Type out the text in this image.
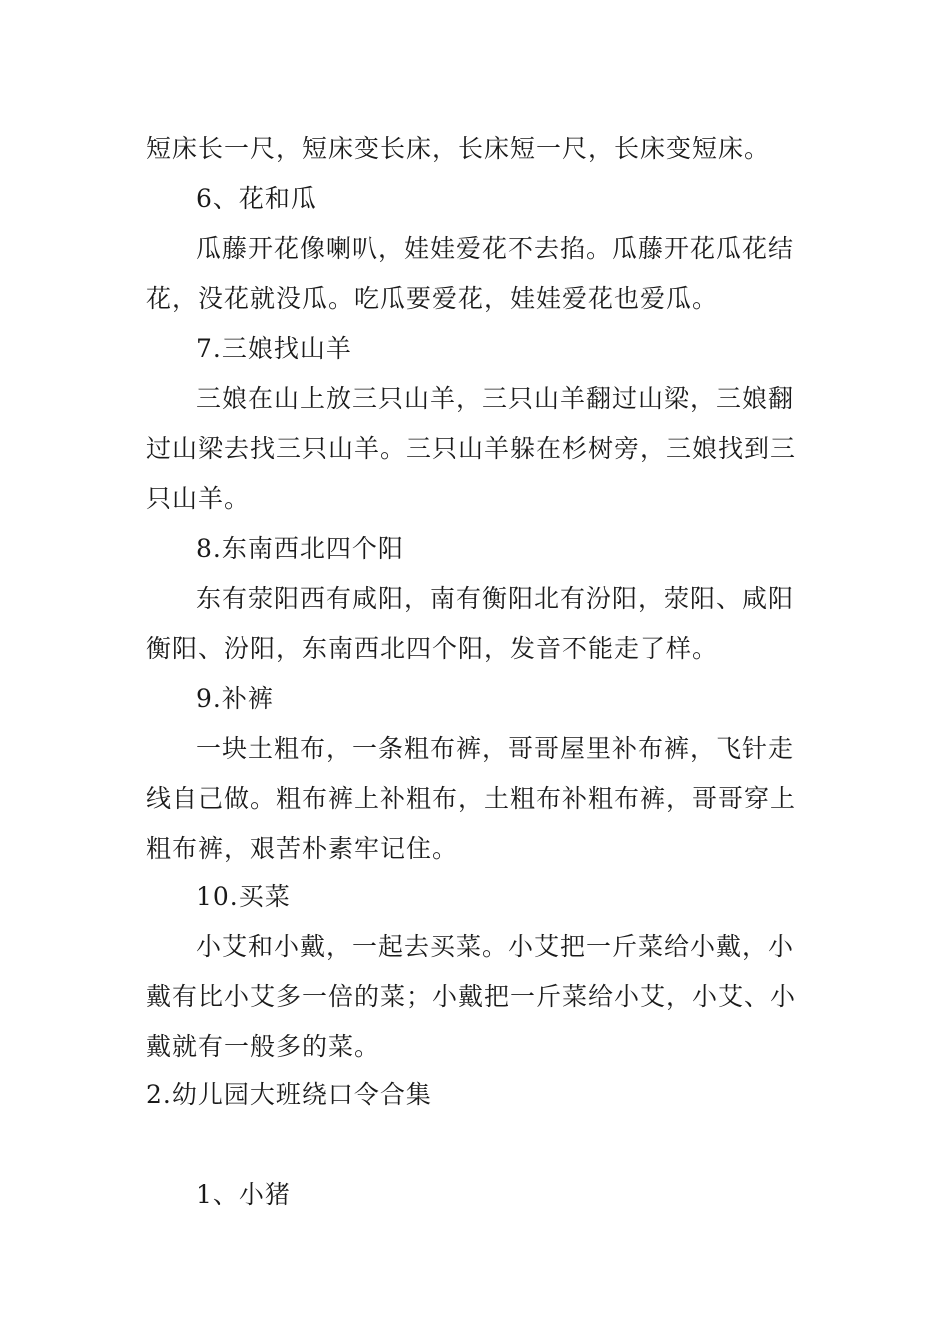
短床长一尺，短床变长床，长床短一尺，长床变短床。
6、花和瓜
瓜藤开花像喇叭，娃娃爱花不去掐。瓜藤开花瓜花结
花，没花就没瓜。吃瓜要爱花，娃娃爱花也爱瓜。
7.三娘找山羊
三娘在山上放三只山羊，三只山羊翻过山梁，三娘翻
过山梁去找三只山羊。三只山羊躲在杉树旁，三娘找到三
只山羊。
8.东南西北四个阳
东有荥阳西有咸阳，南有衡阳北有汾阳，荥阳、咸阳
衡阳、汾阳，东南西北四个阳，发音不能走了样。
9.补裤
一块土粗布，一条粗布裤，哥哥屋里补布裤，飞针走
线自己做。粗布裤上补粗布，土粗布补粗布裤，哥哥穿上
粗布裤，艰苦朴素牢记住。
10.买菜
小艾和小戴，一起去买菜。小艾把一斤菜给小戴，小
戴有比小艾多一倍的菜；小戴把一斤菜给小艾，小艾、小
戴就有一般多的菜。
2.幼儿园大班绕口令合集
1、小猪
